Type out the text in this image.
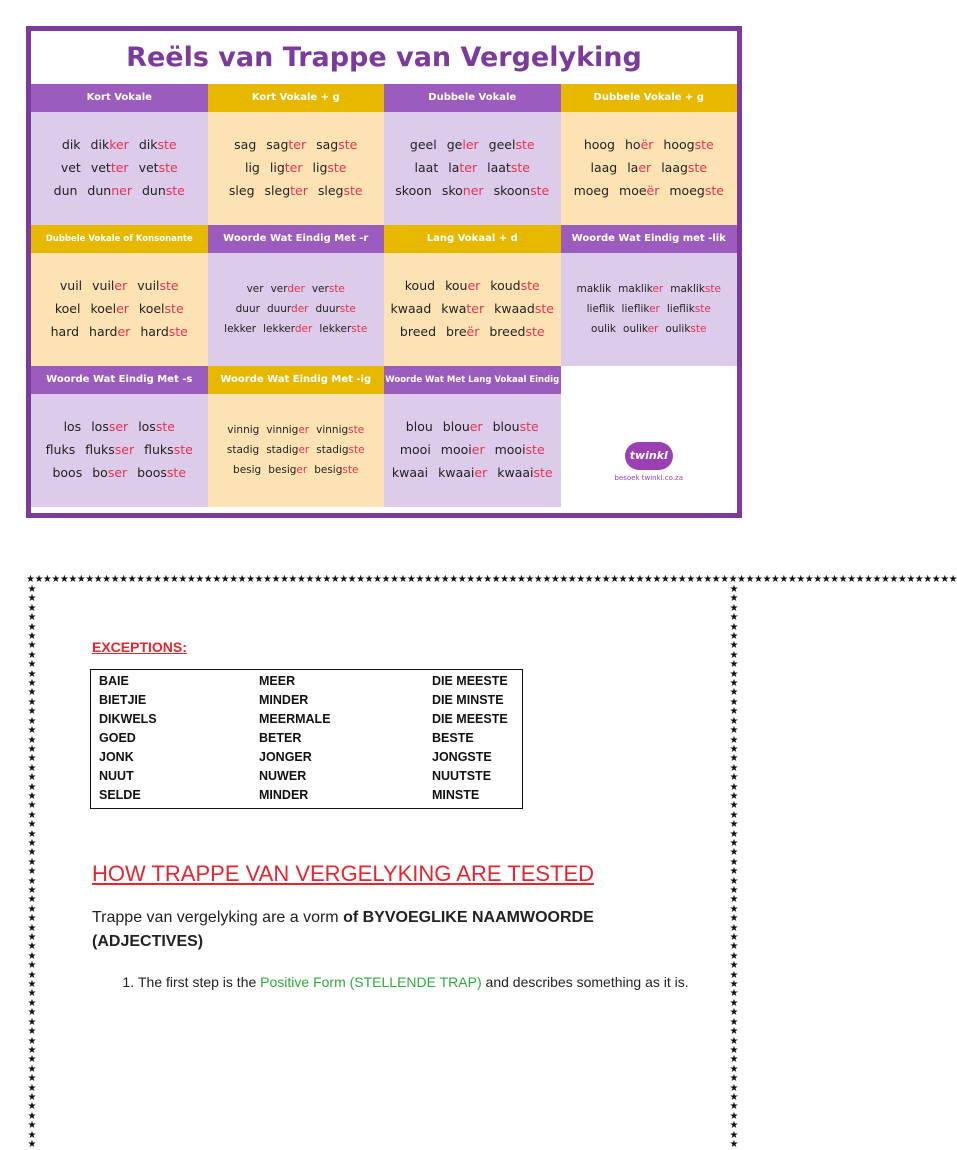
Reëls van Trappe van Vergelyking
Kort Vokale
dik dikker dikste
vet vetter vetste
dun dunner dunste
Kort Vokale + g
sag sagter sagste
lig ligter ligste
sleg slegter slegste
Dubbele Vokale
geel geler geelste
laat later laatste
skoon skoner skoonste
Dubbele Vokale + g
hoog hoër hoogste
laag laer laagste
moeg moeër moegste
Dubbele Vokale of Konsonante
vuil vuiler vuilste
koel koeler koelste
hard harder hardste
Woorde Wat Eindig Met -r
ver verder verste
duur duurder duurste
lekker lekkerder lekkerste
Lang Vokaal + d
koud kouer koudste
kwaad kwater kwaadste
breed breër breedste
Woorde Wat Eindig met -lik
maklik makliker maklikste
lieflik liefliker lieflikste
oulik ouliker oulikste
Woorde Wat Eindig Met -s
los losser losste
fluks fluksser fluksste
boos boser boosste
Woorde Wat Eindig Met -ig
vinnig vinniger vinnigste
stadig stadiger stadigste
besig besiger besigste
Woorde Wat Met Lang Vokaal Eindig
blou blouer blouste
mooi mooier mooiste
kwaai kwaaier kwaaiste
twinkl
besoek twinkl.co.za
★★★★★★★★★★★★★★★★★★★★★★★★★★★★★★★★★★★★★★★★★★★★★★★★★★★★★★★★★★★★★★★★★★★★★★★★★★★★★★★★★★★★★★★★★★★★★★★★★★★★★★★★★★★★★★
★★★★★★★★★★★★★★★★★★★★★★★★★★★★★★★★★★★★★★★★★★★★★★★★★★★★★★★★★★★★
★★★★★★★★★★★★★★★★★★★★★★★★★★★★★★★★★★★★★★★★★★★★★★★★★★★★★★★★★★★★
EXCEPTIONS:
BAIE	MEER	DIE MEESTE
BIETJIE	MINDER	DIE MINSTE
DIKWELS	MEERMALE	DIE MEESTE
GOED	BETER	BESTE
JONK	JONGER	JONGSTE
NUUT	NUWER	NUUTSTE
SELDE	MINDER	MINSTE
HOW TRAPPE VAN VERGELYKING ARE TESTED
Trappe van vergelyking are a vorm of BYVOEGLIKE NAAMWOORDE (ADJECTIVES)
1. The first step is the Positive Form (STELLENDE TRAP) and describes something as it is.
